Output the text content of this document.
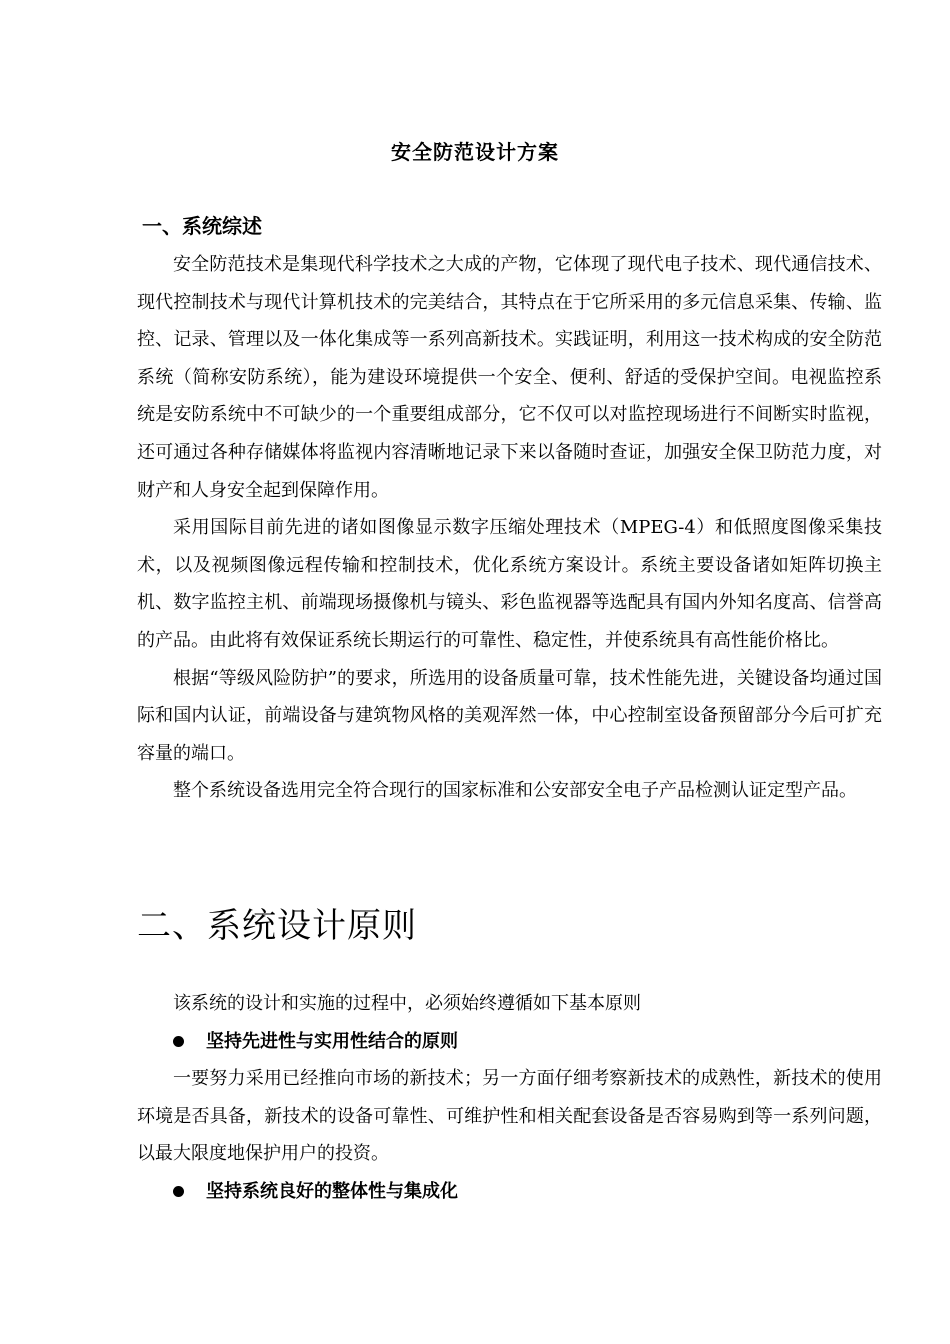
安全防范设计方案
一、系统综述

安全防范技术是集现代科学技术之大成的产物，它体现了现代电子技术、现代通信技术、现代控制技术与现代计算机技术的完美结合，其特点在于它所采用的多元信息采集、传输、监控、记录、管理以及一体化集成等一系列高新技术。实践证明，利用这一技术构成的安全防范系统（简称安防系统），能为建设环境提供一个安全、便利、舒适的受保护空间。电视监控系统是安防系统中不可缺少的一个重要组成部分，它不仅可以对监控现场进行不间断实时监视，还可通过各种存储媒体将监视内容清晰地记录下来以备随时查证，加强安全保卫防范力度，对财产和人身安全起到保障作用。

采用国际目前先进的诸如图像显示数字压缩处理技术（MPEG-4）和低照度图像采集技术，以及视频图像远程传输和控制技术，优化系统方案设计。系统主要设备诸如矩阵切换主机、数字监控主机、前端现场摄像机与镜头、彩色监视器等选配具有国内外知名度高、信誉高的产品。由此将有效保证系统长期运行的可靠性、稳定性，并使系统具有高性能价格比。

根据“等级风险防护”的要求，所选用的设备质量可靠，技术性能先进，关键设备均通过国际和国内认证，前端设备与建筑物风格的美观浑然一体，中心控制室设备预留部分今后可扩充容量的端口。

整个系统设备选用完全符合现行的国家标准和公安部安全电子产品检测认证定型产品。

二、系统设计原则

该系统的设计和实施的过程中，必须始终遵循如下基本原则

坚持先进性与实用性结合的原则

一要努力采用已经推向市场的新技术；另一方面仔细考察新技术的成熟性，新技术的使用环境是否具备，新技术的设备可靠性、可维护性和相关配套设备是否容易购到等一系列问题，以最大限度地保护用户的投资。

坚持系统良好的整体性与集成化
